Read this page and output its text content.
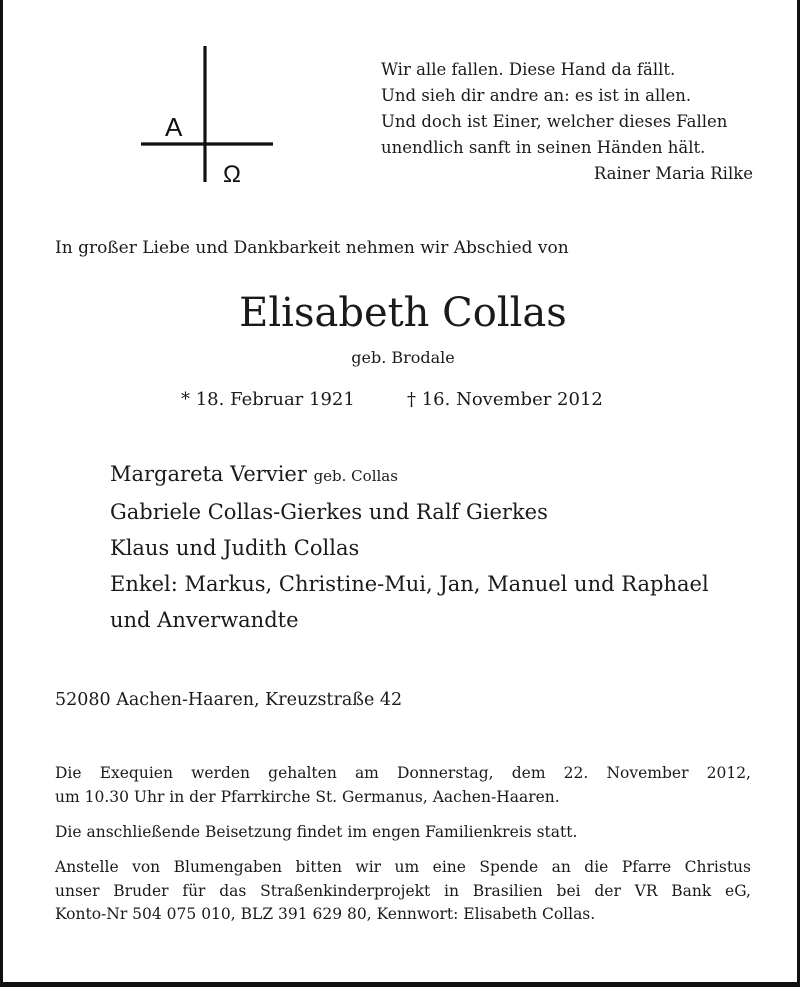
A
Ω
Wir alle fallen. Diese Hand da fällt.
Und sieh dir andre an: es ist in allen.
Und doch ist Einer, welcher dieses Fallen
unendlich sanft in seinen Händen hält.
Rainer Maria Rilke
In großer Liebe und Dankbarkeit nehmen wir Abschied von
Elisabeth Collas
geb. Brodale
* 18. Februar 1921	† 16. November 2012
Margareta Vervier geb. Collas
Gabriele Collas-Gierkes und Ralf Gierkes
Klaus und Judith Collas
Enkel: Markus, Christine-Mui, Jan, Manuel und Raphael
und Anverwandte
52080 Aachen-Haaren, Kreuzstraße 42
Die Exequien werden gehalten am Donnerstag, dem 22. November 2012,
um 10.30 Uhr in der Pfarrkirche St. Germanus, Aachen-Haaren.
Die anschließende Beisetzung findet im engen Familienkreis statt.
Anstelle von Blumengaben bitten wir um eine Spende an die Pfarre Christus
unser Bruder für das Straßenkinderprojekt in Brasilien bei der VR Bank eG,
Konto-Nr 504 075 010, BLZ 391 629 80, Kennwort: Elisabeth Collas.
